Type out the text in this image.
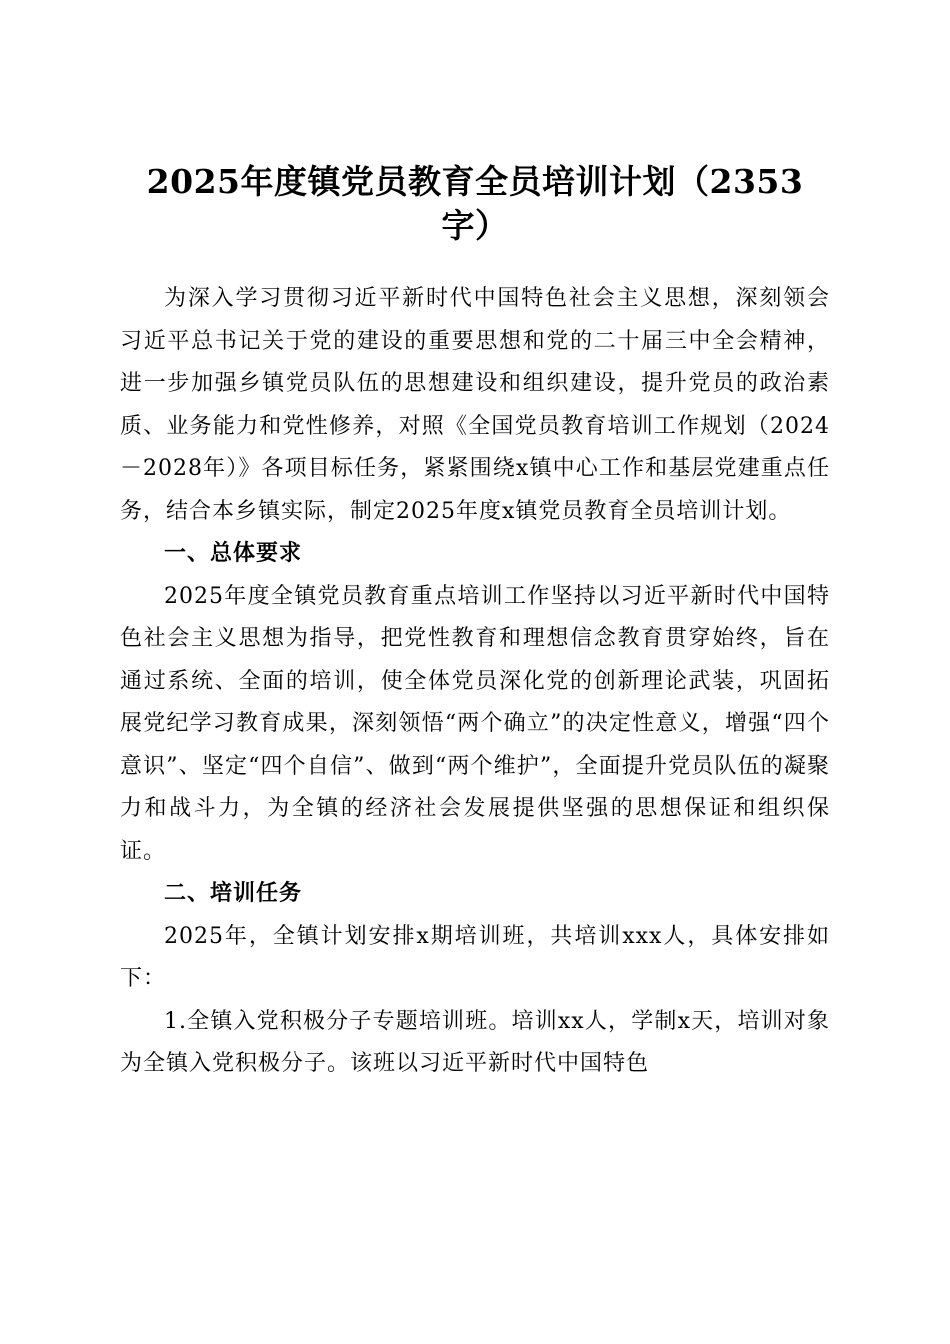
2025年度镇党员教育全员培训计划（2353
字）

为深入学习贯彻习近平新时代中国特色社会主义思想，深刻领会习近平总书记关于党的建设的重要思想和党的二十届三中全会精神，进一步加强乡镇党员队伍的思想建设和组织建设，提升党员的政治素质、业务能力和党性修养，对照《全国党员教育培训工作规划（2024－2028年）》各项目标任务，紧紧围绕x镇中心工作和基层党建重点任务，结合本乡镇实际，制定2025年度x镇党员教育全员培训计划。

一、总体要求

2025年度全镇党员教育重点培训工作坚持以习近平新时代中国特色社会主义思想为指导，把党性教育和理想信念教育贯穿始终，旨在通过系统、全面的培训，使全体党员深化党的创新理论武装，巩固拓展党纪学习教育成果，深刻领悟“两个确立”的决定性意义，增强“四个意识”、坚定“四个自信”、做到“两个维护”，全面提升党员队伍的凝聚力和战斗力，为全镇的经济社会发展提供坚强的思想保证和组织保证。

二、培训任务

2025年，全镇计划安排x期培训班，共培训xxx人，具体安排如下：

1.全镇入党积极分子专题培训班。培训xx人，学制x天，培训对象为全镇入党积极分子。该班以习近平新时代中国特色
